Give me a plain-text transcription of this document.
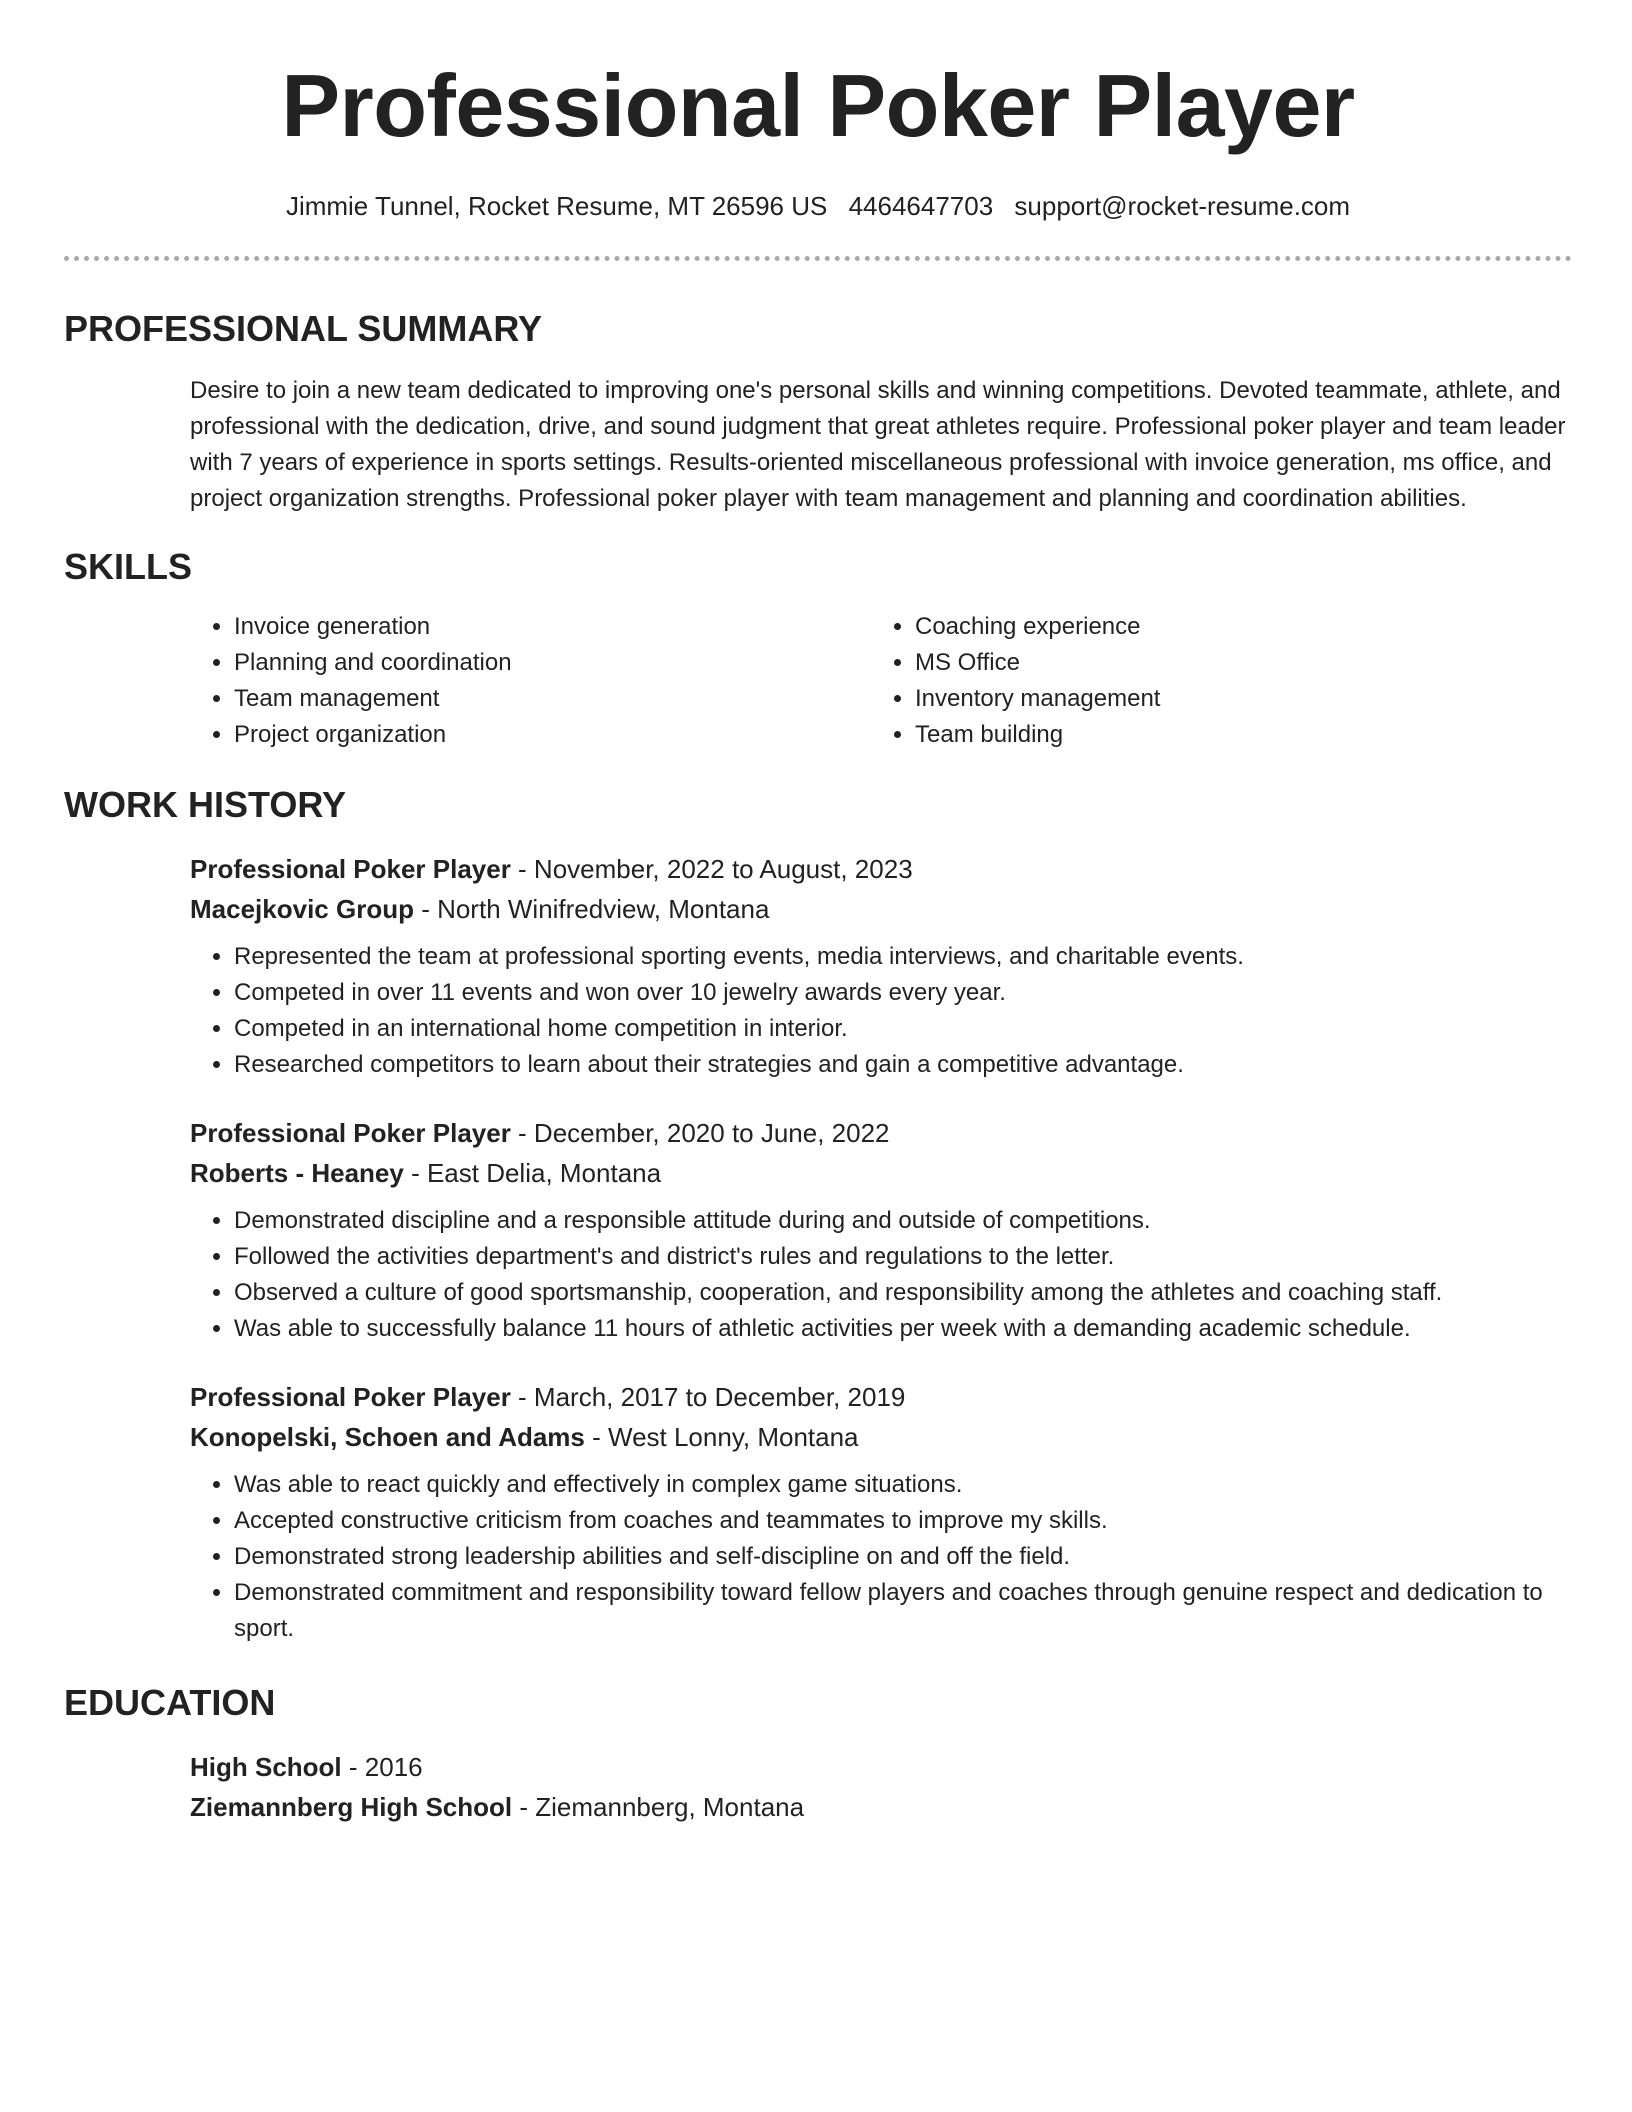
Professional Poker Player
Jimmie Tunnel, Rocket Resume, MT 26596 US 4464647703 support@rocket-resume.com
PROFESSIONAL SUMMARY
Desire to join a new team dedicated to improving one's personal skills and winning competitions. Devoted teammate, athlete, and professional with the dedication, drive, and sound judgment that great athletes require. Professional poker player and team leader with 7 years of experience in sports settings. Results-oriented miscellaneous professional with invoice generation, ms office, and project organization strengths. Professional poker player with team management and planning and coordination abilities.
SKILLS
• Invoice generation
• Planning and coordination
• Team management
• Project organization
• Coaching experience
• MS Office
• Inventory management
• Team building
WORK HISTORY
Professional Poker Player - November, 2022 to August, 2023
Macejkovic Group - North Winifredview, Montana
• Represented the team at professional sporting events, media interviews, and charitable events.
• Competed in over 11 events and won over 10 jewelry awards every year.
• Competed in an international home competition in interior.
• Researched competitors to learn about their strategies and gain a competitive advantage.
Professional Poker Player - December, 2020 to June, 2022
Roberts - Heaney - East Delia, Montana
• Demonstrated discipline and a responsible attitude during and outside of competitions.
• Followed the activities department's and district's rules and regulations to the letter.
• Observed a culture of good sportsmanship, cooperation, and responsibility among the athletes and coaching staff.
• Was able to successfully balance 11 hours of athletic activities per week with a demanding academic schedule.
Professional Poker Player - March, 2017 to December, 2019
Konopelski, Schoen and Adams - West Lonny, Montana
• Was able to react quickly and effectively in complex game situations.
• Accepted constructive criticism from coaches and teammates to improve my skills.
• Demonstrated strong leadership abilities and self-discipline on and off the field.
• Demonstrated commitment and responsibility toward fellow players and coaches through genuine respect and dedication to sport.
EDUCATION
High School - 2016
Ziemannberg High School - Ziemannberg, Montana
